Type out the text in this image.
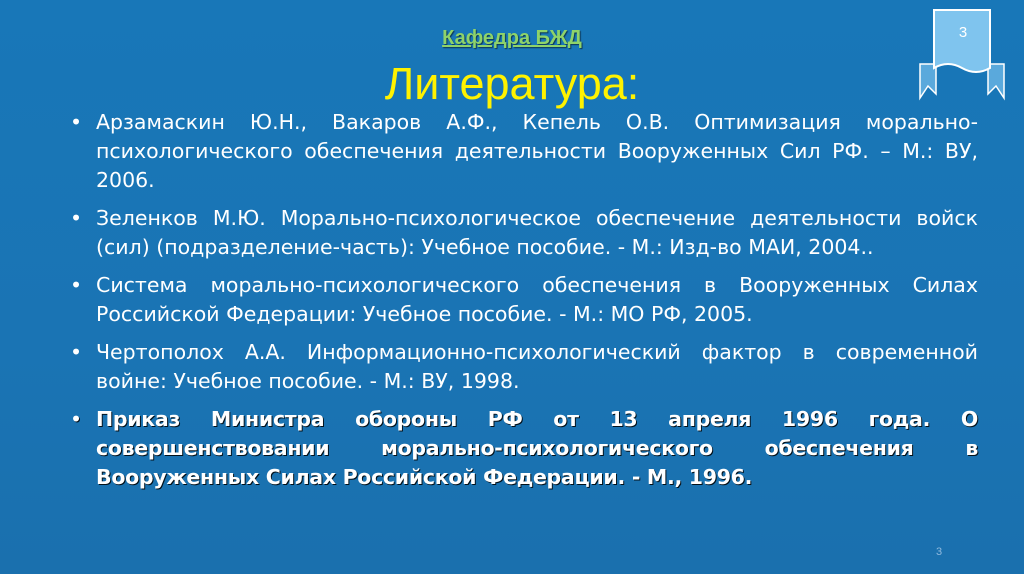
Кафедра БЖД
Литература:
3
• Арзамаскин Ю.Н., Вакаров А.Ф., Кепель О.В. Оптимизация морально-психологического обеспечения деятельности Вооруженных Сил РФ. – М.: ВУ, 2006.
• Зеленков М.Ю. Морально-психологическое обеспечение деятельности войск (сил) (подразделение-часть): Учебное пособие. - М.: Изд-во МАИ, 2004..
• Система морально-психологического обеспечения в Вооруженных Силах Российской Федерации: Учебное пособие. - М.: МО РФ, 2005.
• Чертополох А.А. Информационно-психологический фактор в современной войне: Учебное пособие. - М.: ВУ, 1998.
• Приказ Министра обороны РФ от 13 апреля 1996 года. О совершенствовании морально-психологического обеспечения в Вооруженных Силах Российской Федерации. - М., 1996.
3
